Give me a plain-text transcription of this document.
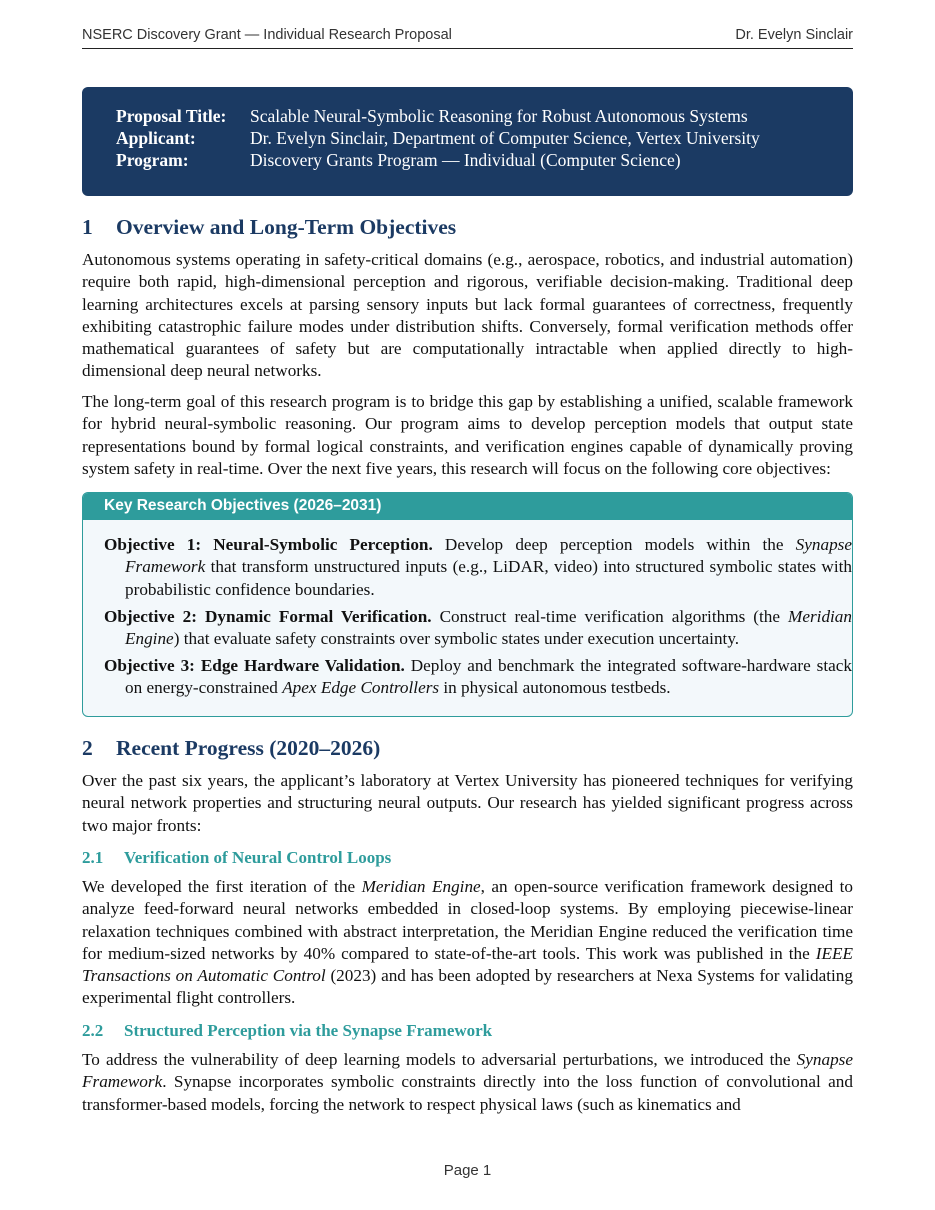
NSERC Discovery Grant — Individual Research Proposal	Dr. Evelyn Sinclair
Proposal Title: Scalable Neural-Symbolic Reasoning for Robust Autonomous Systems
Applicant:	Dr. Evelyn Sinclair, Department of Computer Science, Vertex University
Program:	Discovery Grants Program — Individual (Computer Science)
1 Overview and Long-Term Objectives

Autonomous systems operating in safety-critical domains (e.g., aerospace, robotics, and industrial automation) require both rapid, high-dimensional perception and rigorous, verifiable decision-making. Traditional deep learning architectures excels at parsing sensory inputs but lack formal guarantees of correctness, frequently exhibiting catastrophic failure modes under distribution shifts. Conversely, formal verification methods offer mathematical guarantees of safety but are computationally intractable when applied directly to high-dimensional deep neural networks.

The long-term goal of this research program is to bridge this gap by establishing a unified, scalable framework for hybrid neural-symbolic reasoning. Our program aims to develop perception models that output state representations bound by formal logical constraints, and verification engines capable of dynamically proving system safety in real-time. Over the next five years, this research will focus on the following core objectives:

Key Research Objectives (2026–2031)
Objective 1: Neural-Symbolic Perception. Develop deep perception models within the Synapse Framework that transform unstructured inputs (e.g., LiDAR, video) into structured symbolic states with probabilistic confidence boundaries.
Objective 2: Dynamic Formal Verification. Construct real-time verification algorithms (the Meridian Engine) that evaluate safety constraints over symbolic states under execution uncertainty.
Objective 3: Edge Hardware Validation. Deploy and benchmark the integrated software-hardware stack on energy-constrained Apex Edge Controllers in physical autonomous testbeds.
2 Recent Progress (2020–2026)

Over the past six years, the applicant’s laboratory at Vertex University has pioneered techniques for verifying neural network properties and structuring neural outputs. Our research has yielded significant progress across two major fronts:

2.1 Verification of Neural Control Loops

We developed the first iteration of the Meridian Engine, an open-source verification framework designed to analyze feed-forward neural networks embedded in closed-loop systems. By employing piecewise-linear relaxation techniques combined with abstract interpretation, the Meridian Engine reduced the verification time for medium-sized networks by 40% compared to state-of-the-art tools. This work was published in the IEEE Transactions on Automatic Control (2023) and has been adopted by researchers at Nexa Systems for validating experimental flight controllers.

2.2 Structured Perception via the Synapse Framework

To address the vulnerability of deep learning models to adversarial perturbations, we introduced the Synapse Framework. Synapse incorporates symbolic constraints directly into the loss function of convolutional and transformer-based models, forcing the network to respect physical laws (such as kinematics and

Page 1
